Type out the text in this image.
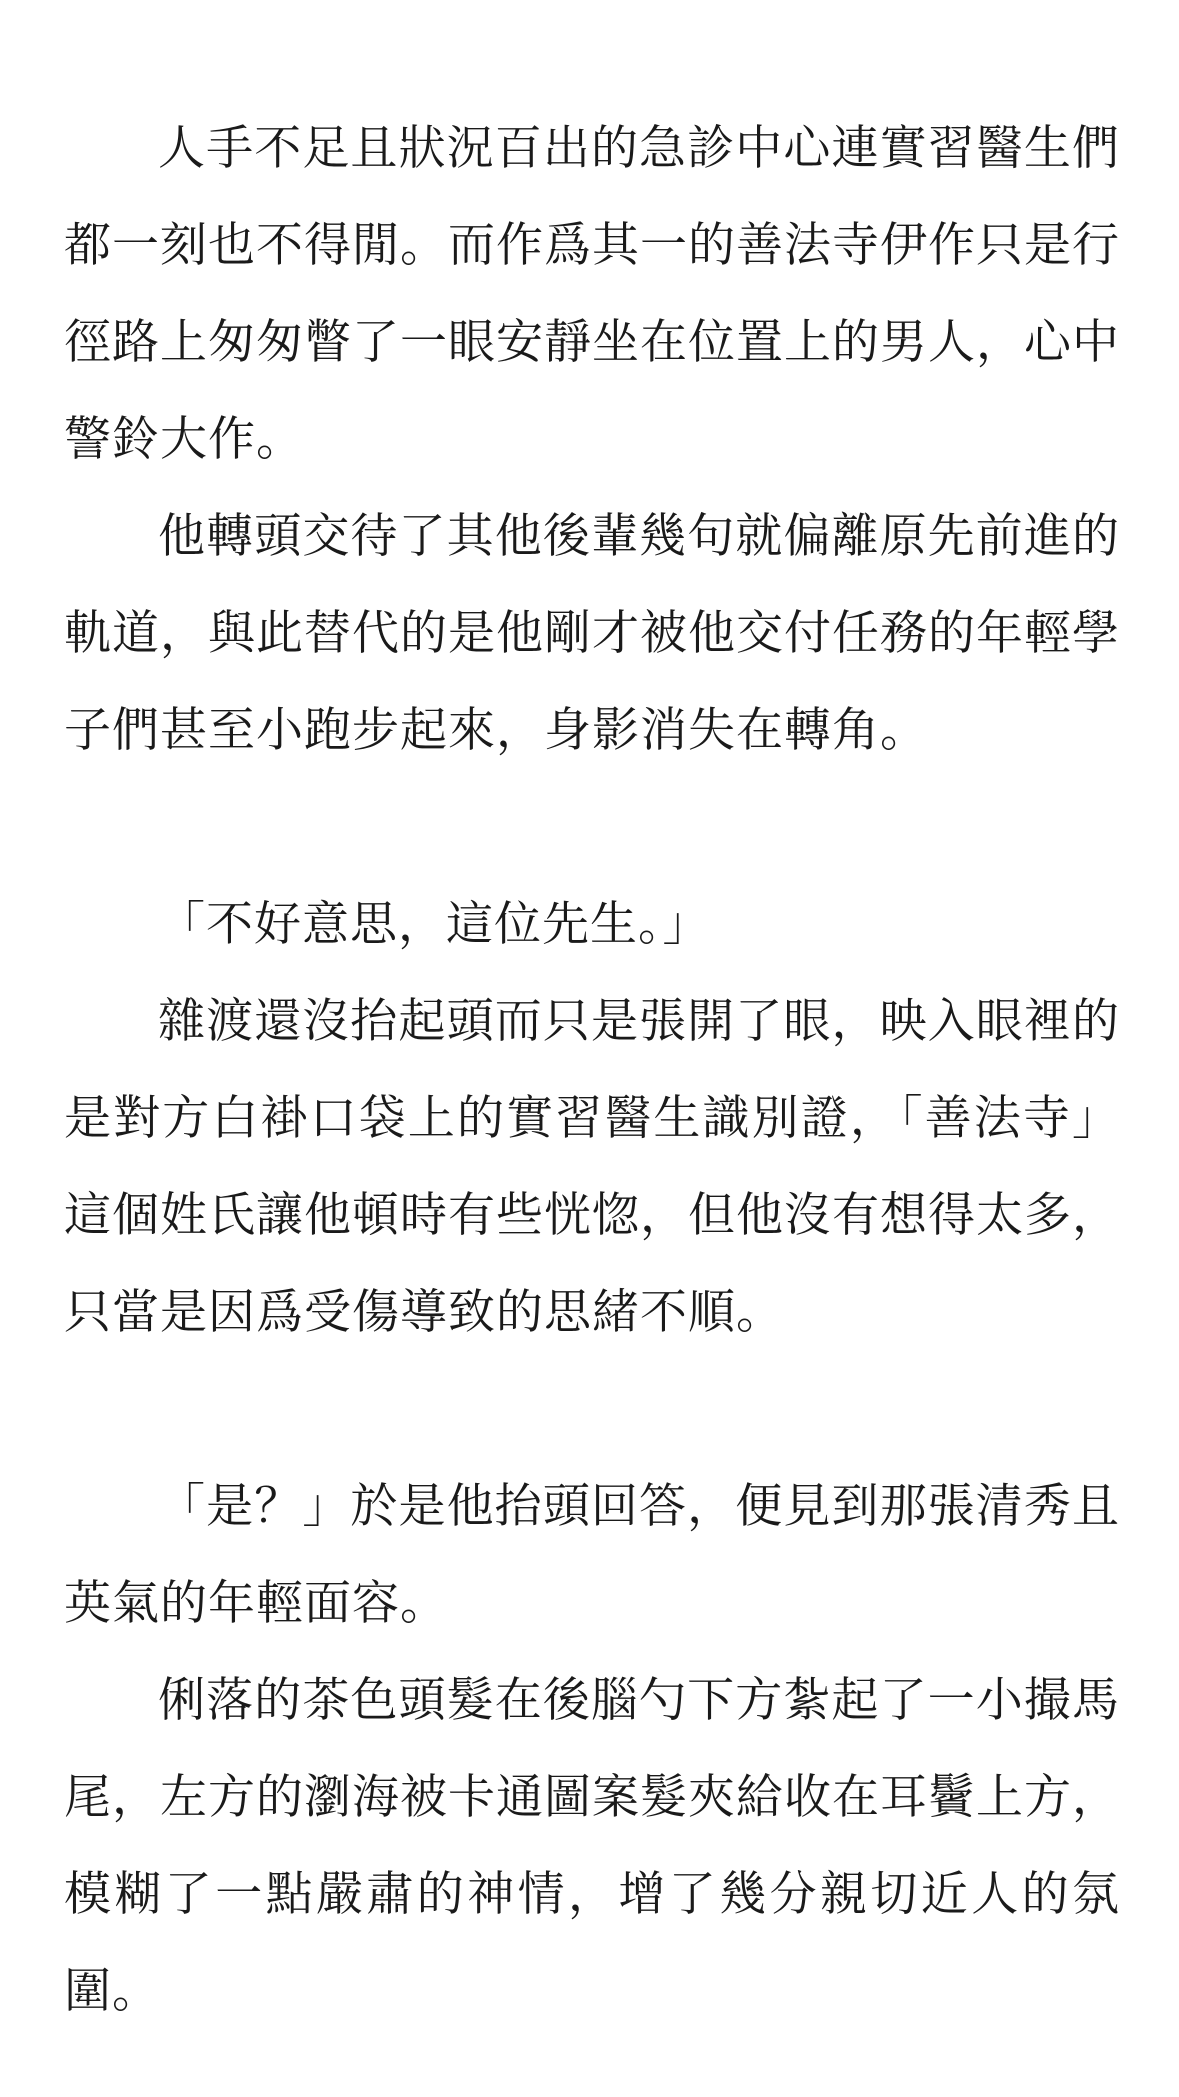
人手不足且狀況百出的急診中心連實習醫生們都一刻也不得閒。而作爲其一的善法寺伊作只是行徑路上匆匆瞥了一眼安靜坐在位置上的男人，心中警鈴大作。

他轉頭交待了其他後輩幾句就偏離原先前進的軌道，與此替代的是他剛才被他交付任務的年輕學子們甚至小跑步起來，身影消失在轉角。

「不好意思，這位先生。」

雜渡還沒抬起頭而只是張開了眼，映入眼裡的是對方白褂口袋上的實習醫生識別證，「善法寺」這個姓氏讓他頓時有些恍惚，但他沒有想得太多，只當是因爲受傷導致的思緒不順。

「是？」於是他抬頭回答，便見到那張清秀且英氣的年輕面容。

俐落的茶色頭髮在後腦勺下方紮起了一小撮馬尾，左方的瀏海被卡通圖案髮夾給收在耳鬢上方，模糊了一點嚴肅的神情，增了幾分親切近人的氛圍。
